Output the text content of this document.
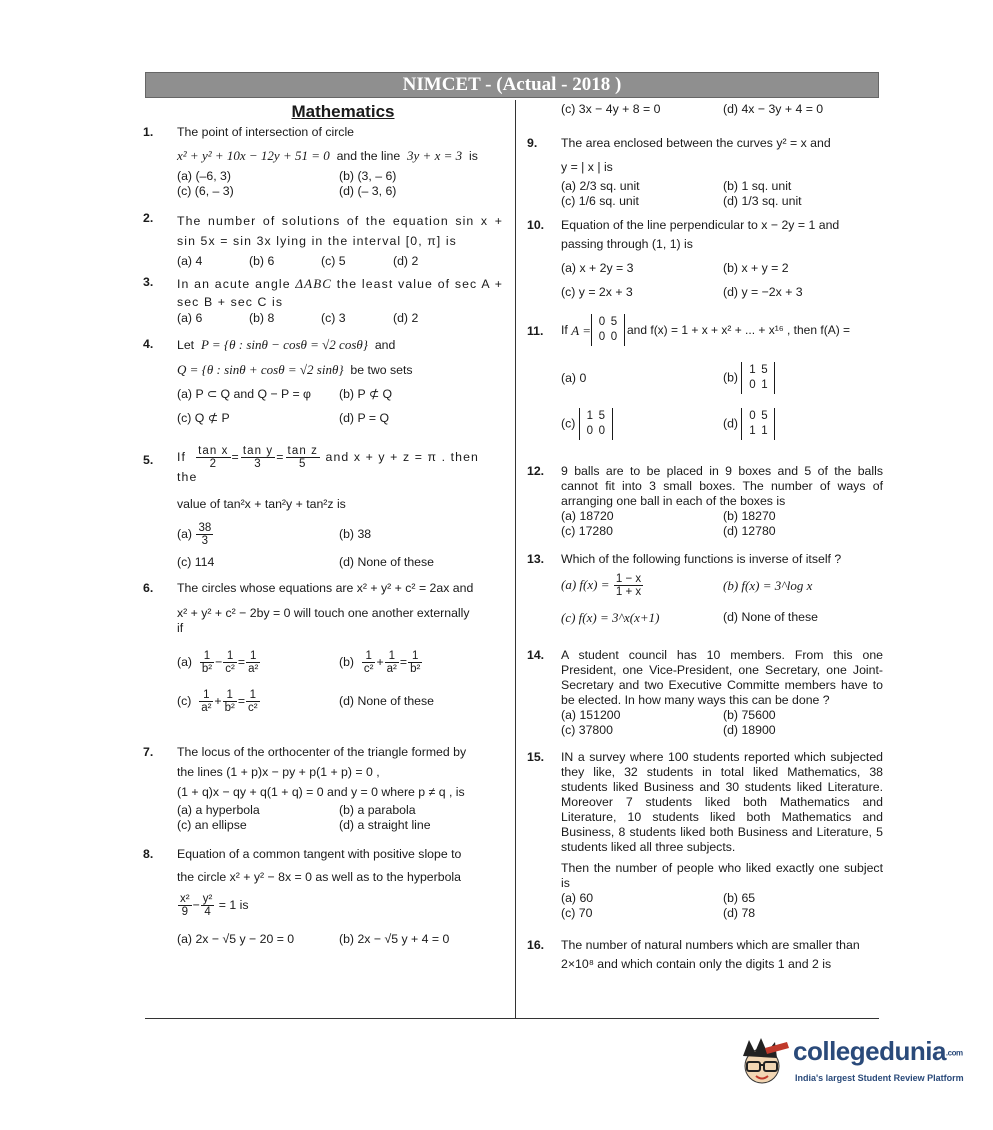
NIMCET - (Actual - 2018 )
Mathematics
1. The point of intersection of circle
x² + y² + 10x − 12y + 51 = 0 and the line 3y + x = 3 is
(a) (–6, 3)	(b) (3, – 6)
(c) (6, – 3)	(d) (– 3, 6)
2. The number of solutions of the equation sin x + sin 5x = sin 3x lying in the interval [0, π] is
(a) 4	(b) 6	(c) 5	(d) 2
3. In an acute angle ΔABC the least value of sec A + sec B + sec C is
(a) 6	(b) 8	(c) 3	(d) 2
4. Let P = {θ : sinθ − cosθ = √2 cosθ} and
Q = {θ : sinθ + cosθ = √2 sinθ} be two sets
(a) P ⊂ Q and Q − P = φ	(b) P ⊄ Q
(c) Q ⊄ P	(d) P = Q
5. If $\frac{\text{tan x}}{2} = \frac{\text{tan y}}{3} = \frac{\text{tan z}}{5}$ and x + y + z = π . then the
value of tan²x + tan²y + tan²z is
$(a) \frac{38}{3}$	(b) 38
(c) 114	(d) None of these
6. The circles whose equations are x² + y² + c² = 2ax and
x² + y² + c² − 2by = 0 will touch one another externally
if
$(a) \frac{1}{\text{b²}} - \frac{1}{\text{c²}} = \frac{1}{\text{a²}}$	$(b) \frac{1}{\text{c²}} + \frac{1}{\text{a²}} = \frac{1}{\text{b²}}$
$(c) \frac{1}{\text{a²}} + \frac{1}{\text{b²}} = \frac{1}{\text{c²}}$	(d) None of these
7. The locus of the orthocenter of the triangle formed by
the lines (1 + p)x − py + p(1 + p) = 0 ,
(1 + q)x − qy + q(1 + q) = 0 and y = 0 where p ≠ q , is
(a) a hyperbola	(b) a parabola
(c) an ellipse	(d) a straight line
8. Equation of a common tangent with positive slope to
the circle x² + y² − 8x = 0 as well as to the hyperbola
$\frac{\text{x²}}{9} - \frac{\text{y²}}{4} = 1$ is
(a) 2x − √5 y − 20 = 0	(b) 2x − √5 y + 4 = 0
(c) 3x − 4y + 8 = 0	(d) 4x − 3y + 4 = 0
9. The area enclosed between the curves y² = x and
y = | x | is
(a) 2/3 sq. unit	(b) 1 sq. unit
(c) 1/6 sq. unit	(d) 1/3 sq. unit
10. Equation of the line perpendicular to x − 2y = 1 and
passing through (1, 1) is
(a) x + 2y = 3	(b) x + y = 2
(c) y = 2x + 3	(d) y = −2x + 3
11. If
A =
0 5
0 0
and f(x) = 1 + x + x² + ... + x¹⁶ , then f(A) =
(a) 0	(b)
1 5
0 1
(c)
1 5
0 0
(d)
0 5
1 1
12. 9 balls are to be placed in 9 boxes and 5 of the balls cannot fit into 3 small boxes. The number of ways of arranging one ball in each of the boxes is
(a) 18720	(b) 18270
(c) 17280	(d) 12780
13. Which of the following functions is inverse of itself ?
(a) $f(x) = \frac{1 - x}{1 + x}$	(b) f(x) = 3^log x
(c) f(x) = 3^x(x+1)	(d) None of these
14. A student council has 10 members. From this one President, one Vice-President, one Secretary, one Joint-Secretary and two Executive Committe members have to be elected. In how many ways this can be done ?
(a) 151200	(b) 75600
(c) 37800	(d) 18900
15. IN a survey where 100 students reported which subjected they like, 32 students in total liked Mathematics, 38 students liked Business and 30 students liked Literature. Moreover 7 students liked both Mathematics and Literature, 10 students liked both Mathematics and Business, 8 students liked both Business and Literature, 5 students liked all three subjects.
Then the number of people who liked exactly one subject is
(a) 60	(b) 65
(c) 70	(d) 78
16. The number of natural numbers which are smaller than
2×10⁸ and which contain only the digits 1 and 2 is
collegedunia.com
India's largest Student Review Platform
